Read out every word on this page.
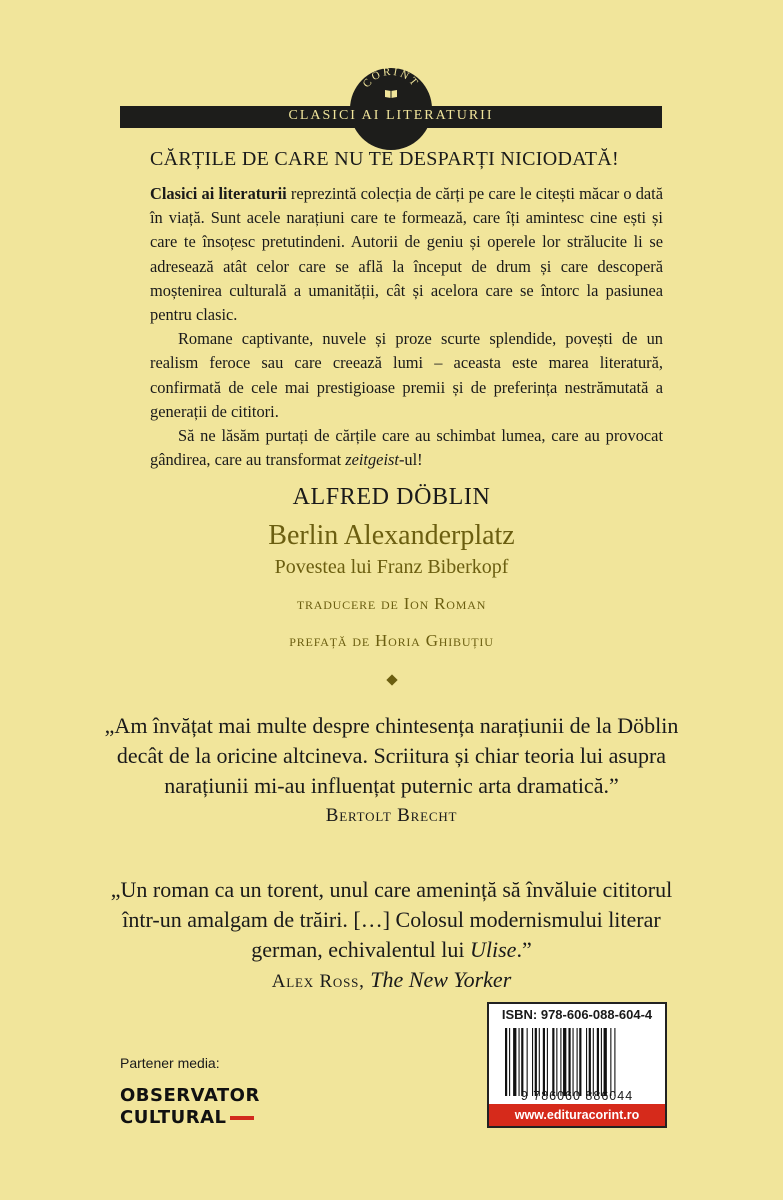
CORINT
CLASICI AI LITERATURII
CĂRȚILE DE CARE NU TE DESPARȚI NICIODATĂ!

Clasici ai literaturii reprezintă colecția de cărți pe care le citești măcar o dată în viață. Sunt acele narațiuni care te formează, care îți amintesc cine ești și care te însoțesc pretutindeni. Autorii de geniu și operele lor strălucite li se adresează atât celor care se află la început de drum și care descoperă moștenirea culturală a umanității, cât și acelora care se întorc la pasiunea pentru clasic.

Romane captivante, nuvele și proze scurte splendide, povești de un realism feroce sau care creează lumi – aceasta este marea literatură, confirmată de cele mai prestigioase premii și de preferința nestrămutată a generații de cititori.

Să ne lăsăm purtați de cărțile care au schimbat lumea, care au provocat gândirea, care au transformat zeitgeist-ul!

ALFRED DÖBLIN
Berlin Alexanderplatz
Povestea lui Franz Biberkopf
traducere de Ion Roman
prefață de Horia Ghibuțiu
„Am învățat mai multe despre chintesența narațiunii de la Döblin decât de la oricine altcineva. Scriitura și chiar teoria lui asupra narațiunii mi-au influențat puternic arta dramatică.”
Bertolt Brecht
„Un roman ca un torent, unul care amenință să învăluie cititorul într-un amalgam de trăiri. […] Colosul modernismului literar german, echivalentul lui Ulise.”
Alex Ross, The New Yorker
Partener media:
OBSERVATOR
CULTURAL
ISBN: 978-606-088-604-4
9 786060 886044
www.edituracorint.ro
